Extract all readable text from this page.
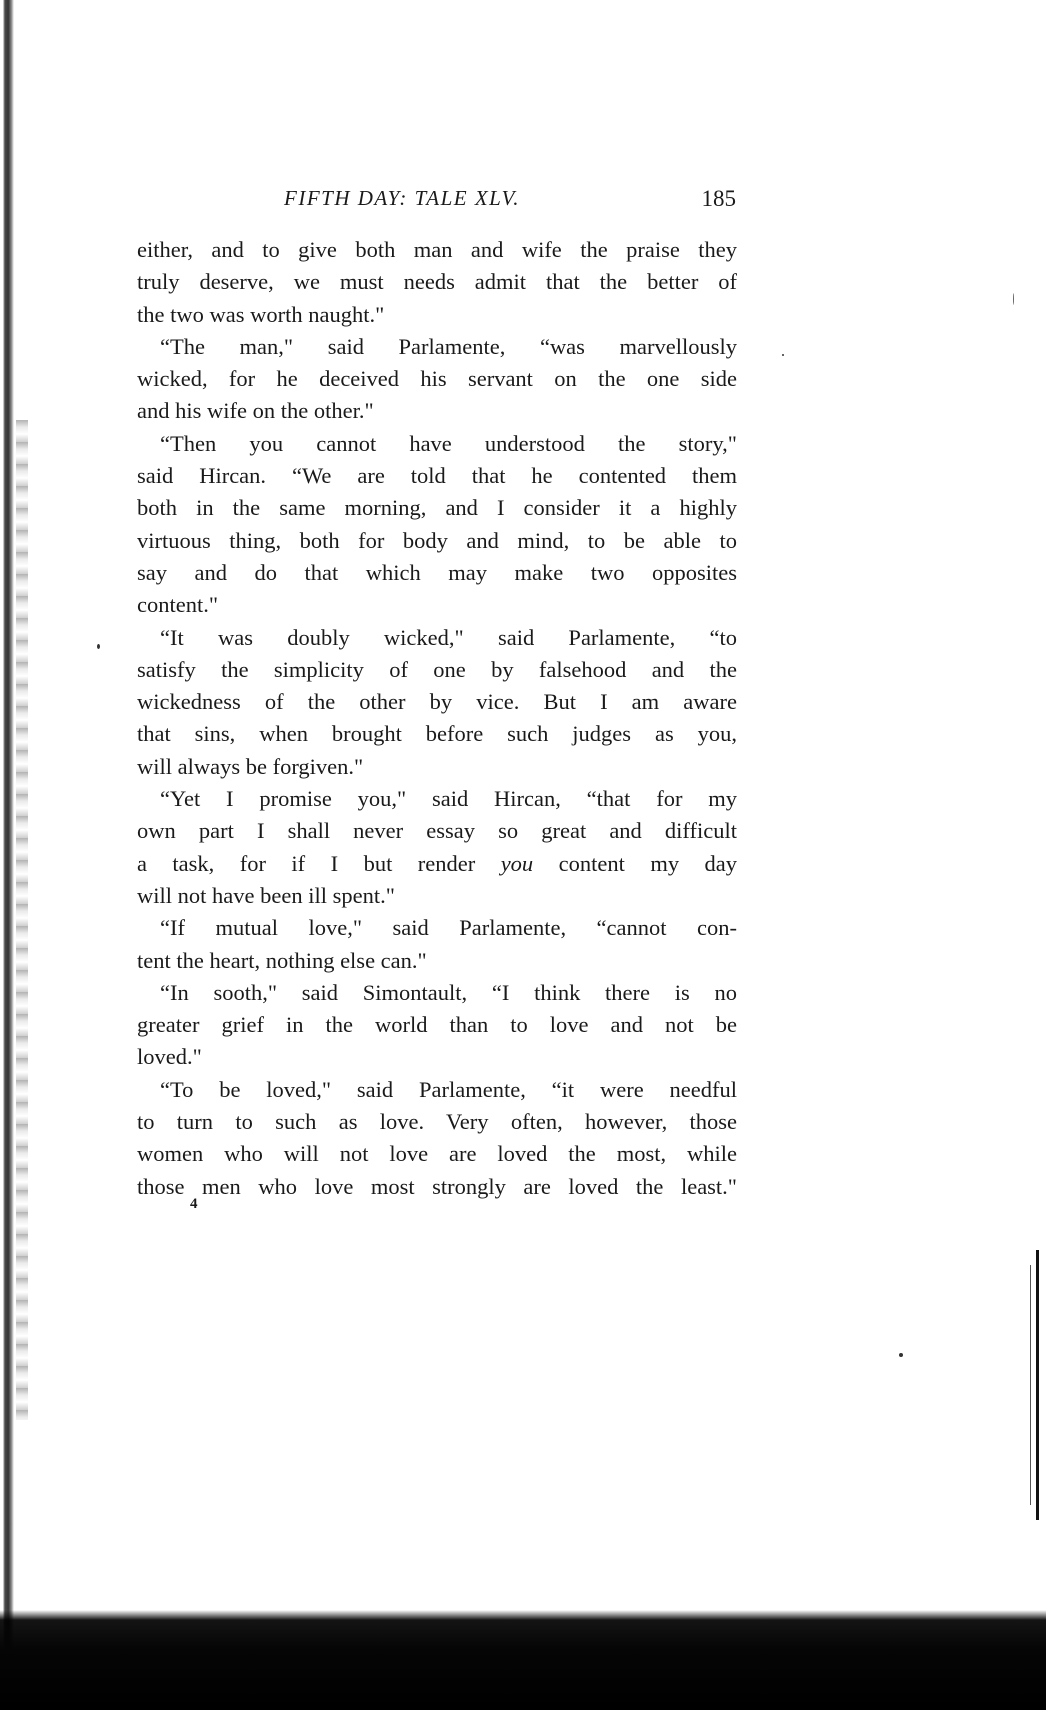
FIFTH DAY: TALE XLV.	185
either, and to give both man and wife the praise they
truly deserve, we must needs admit that the better of
the two was worth naught."
“The man," said Parlamente, “was marvellously
wicked, for he deceived his servant on the one side
and his wife on the other."
“Then you cannot have understood the story,"
said Hircan. “We are told that he contented them
both in the same morning, and I consider it a highly
virtuous thing, both for body and mind, to be able to
say and do that which may make two opposites
content."
“It was doubly wicked," said Parlamente, “to
satisfy the simplicity of one by falsehood and the
wickedness of the other by vice. But I am aware
that sins, when brought before such judges as you,
will always be forgiven."
“Yet I promise you," said Hircan, “that for my
own part I shall never essay so great and difficult
a task, for if I but render you content my day
will not have been ill spent."
“If mutual love," said Parlamente, “cannot con-
tent the heart, nothing else can."
“In sooth," said Simontault, “I think there is no
greater grief in the world than to love and not be
loved."
“To be loved," said Parlamente, “it were needful
to turn to such as love. Very often, however, those
women who will not love are loved the most, while
those men who love most strongly are loved the least."
4
